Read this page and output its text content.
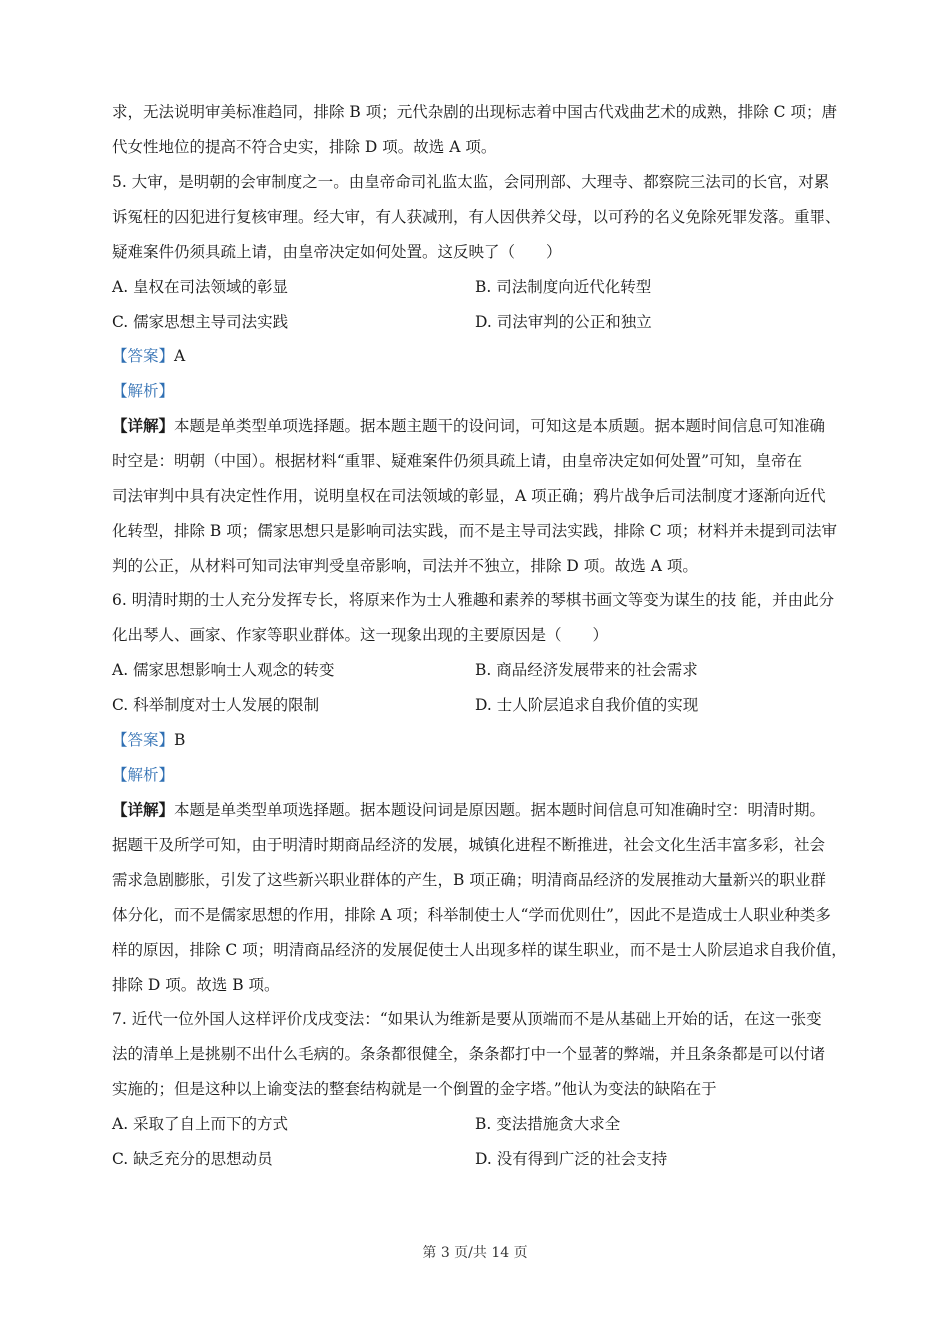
求，无法说明审美标准趋同，排除 B 项；元代杂剧的出现标志着中国古代戏曲艺术的成熟，排除 C 项；唐
代女性地位的提高不符合史实，排除 D 项。故选 A 项。
5. 大审，是明朝的会审制度之一。由皇帝命司礼监太监，会同刑部、大理寺、都察院三法司的长官，对累
诉冤枉的囚犯进行复核审理。经大审，有人获减刑，有人因供养父母，以可矜的名义免除死罪发落。重罪、
疑难案件仍须具疏上请，由皇帝决定如何处置。这反映了（　　）
A. 皇权在司法领域的彰显	B. 司法制度向近代化转型
C. 儒家思想主导司法实践	D. 司法审判的公正和独立
【答案】A
【解析】
【详解】本题是单类型单项选择题。据本题主题干的设问词，可知这是本质题。据本题时间信息可知准确
时空是：明朝（中国）。根据材料“重罪、疑难案件仍须具疏上请，由皇帝决定如何处置”可知，皇帝在
司法审判中具有决定性作用，说明皇权在司法领域的彰显，A 项正确；鸦片战争后司法制度才逐渐向近代
化转型，排除 B 项；儒家思想只是影响司法实践，而不是主导司法实践，排除 C 项；材料并未提到司法审
判的公正，从材料可知司法审判受皇帝影响，司法并不独立，排除 D 项。故选 A 项。
6. 明清时期的士人充分发挥专长，将原来作为士人雅趣和素养的琴棋书画文等变为谋生的技 能，并由此分
化出琴人、画家、作家等职业群体。这一现象出现的主要原因是（　　）
A. 儒家思想影响士人观念的转变	B. 商品经济发展带来的社会需求
C. 科举制度对士人发展的限制	D. 士人阶层追求自我价值的实现
【答案】B
【解析】
【详解】本题是单类型单项选择题。据本题设问词是原因题。据本题时间信息可知准确时空：明清时期。
据题干及所学可知，由于明清时期商品经济的发展，城镇化进程不断推进，社会文化生活丰富多彩，社会
需求急剧膨胀，引发了这些新兴职业群体的产生，B 项正确；明清商品经济的发展推动大量新兴的职业群
体分化，而不是儒家思想的作用，排除 A 项；科举制使士人“学而优则仕”，因此不是造成士人职业种类多
样的原因，排除 C 项；明清商品经济的发展促使士人出现多样的谋生职业，而不是士人阶层追求自我价值，
排除 D 项。故选 B 项。
7. 近代一位外国人这样评价戊戌变法：“如果认为维新是要从顶端而不是从基础上开始的话，在这一张变
法的清单上是挑剔不出什么毛病的。条条都很健全，条条都打中一个显著的弊端，并且条条都是可以付诸
实施的；但是这种以上谕变法的整套结构就是一个倒置的金字塔。”他认为变法的缺陷在于
A. 采取了自上而下的方式	B. 变法措施贪大求全
C. 缺乏充分的思想动员	D. 没有得到广泛的社会支持
第 3 页/共 14 页
